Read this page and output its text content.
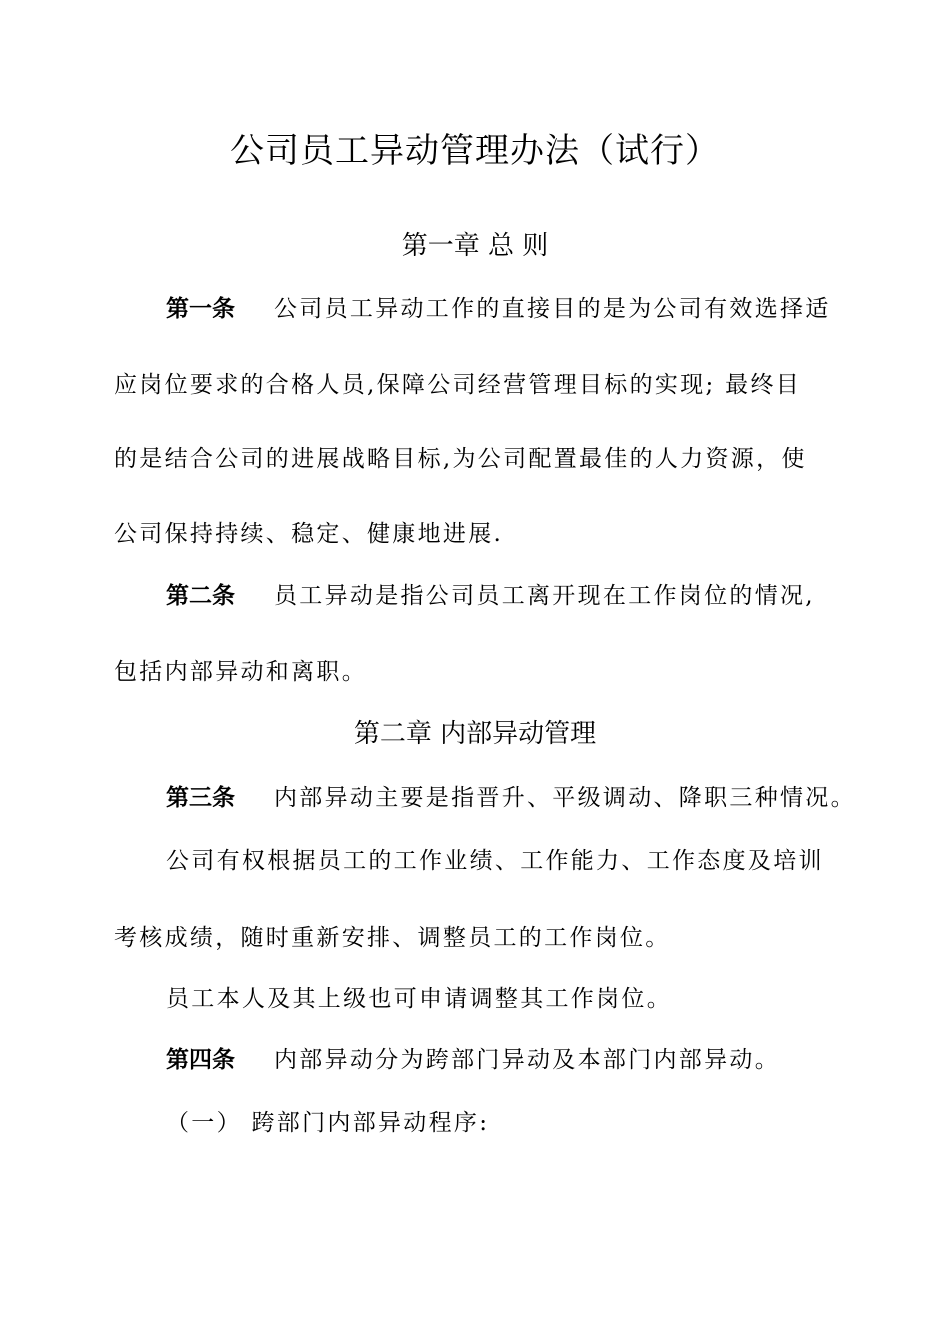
公司员工异动管理办法（试行）
第一章 总 则
第一条 公司员工异动工作的直接目的是为公司有效选择适
应岗位要求的合格人员,保障公司经营管理目标的实现; 最终目
的是结合公司的进展战略目标,为公司配置最佳的人力资源，使
公司保持持续、稳定、健康地进展.
第二条 员工异动是指公司员工离开现在工作岗位的情况,
包括内部异动和离职。
第二章 内部异动管理
第三条 内部异动主要是指晋升、平级调动、降职三种情况。
公司有权根据员工的工作业绩、工作能力、工作态度及培训
考核成绩，随时重新安排、调整员工的工作岗位。
员工本人及其上级也可申请调整其工作岗位。
第四条 内部异动分为跨部门异动及本部门内部异动。
（一） 跨部门内部异动程序:
